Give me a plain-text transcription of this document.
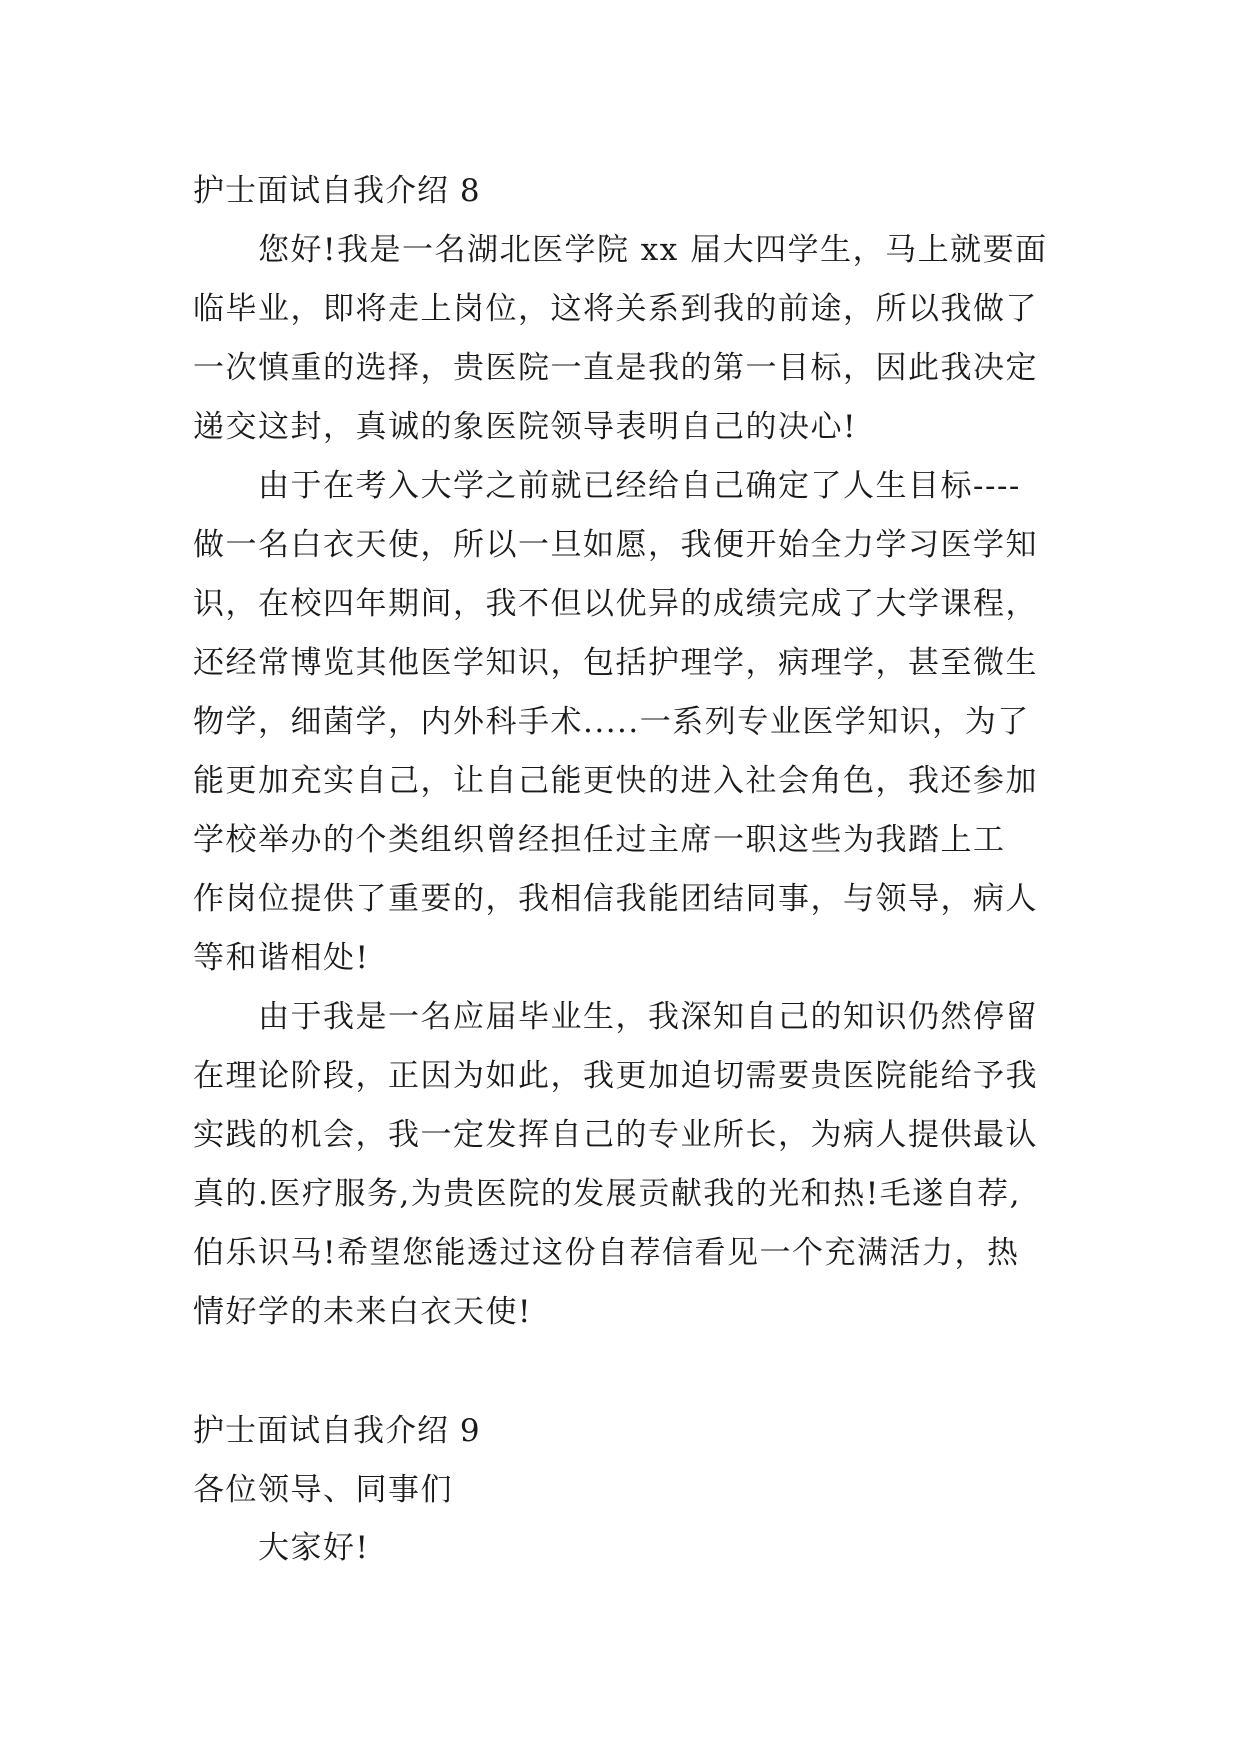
护士面试自我介绍 8
您好!我是一名湖北医学院 xx 届大四学生，马上就要面
临毕业，即将走上岗位，这将关系到我的前途，所以我做了
一次慎重的选择，贵医院一直是我的第一目标，因此我决定
递交这封，真诚的象医院领导表明自己的决心!
由于在考入大学之前就已经给自己确定了人生目标----
做一名白衣天使，所以一旦如愿，我便开始全力学习医学知
识，在校四年期间，我不但以优异的成绩完成了大学课程，
还经常博览其他医学知识，包括护理学，病理学，甚至微生
物学，细菌学，内外科手术.....一系列专业医学知识，为了
能更加充实自己，让自己能更快的进入社会角色，我还参加
学校举办的个类组织曾经担任过主席一职这些为我踏上工
作岗位提供了重要的，我相信我能团结同事，与领导，病人
等和谐相处!
由于我是一名应届毕业生，我深知自己的知识仍然停留
在理论阶段，正因为如此，我更加迫切需要贵医院能给予我
实践的机会，我一定发挥自己的专业所长，为病人提供最认
真的.医疗服务,为贵医院的发展贡献我的光和热!毛遂自荐,
伯乐识马!希望您能透过这份自荐信看见一个充满活力，热
情好学的未来白衣天使!
护士面试自我介绍 9
各位领导、同事们
大家好!
